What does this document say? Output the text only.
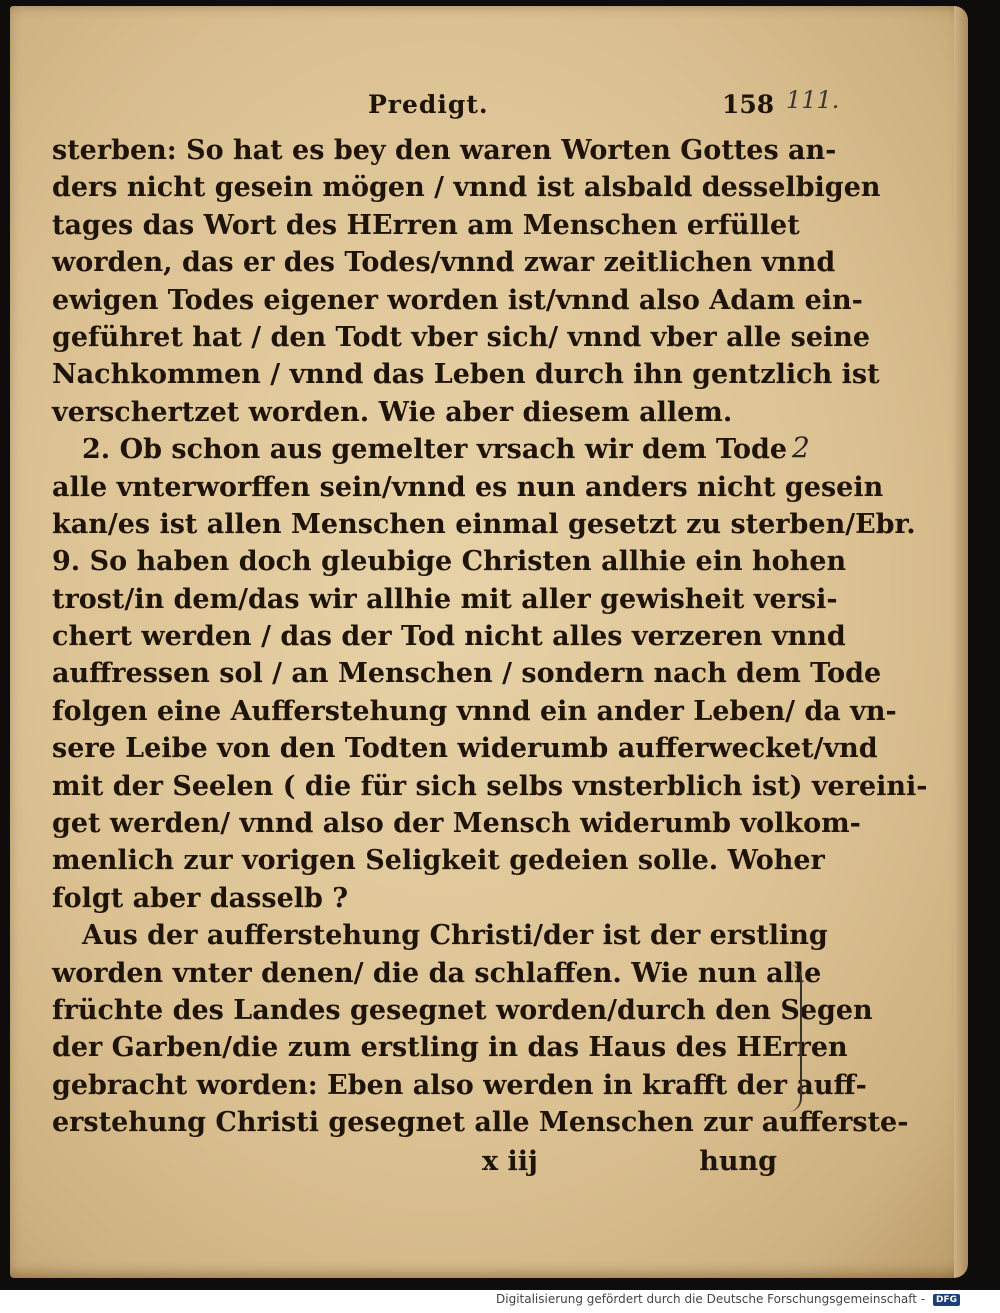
Predigt.	158 111.
sterben: So hat es bey den waren Worten Gottes an-
ders nicht gesein mögen / vnnd ist alsbald desselbigen
tages das Wort des HErren am Menschen erfüllet
worden, das er des Todes/vnnd zwar zeitlichen vnnd
ewigen Todes eigener worden ist/vnnd also Adam ein-
geführet hat / den Todt vber sich/ vnnd vber alle seine
Nachkommen / vnnd das Leben durch ihn gentzlich ist
verschertzet worden. Wie aber diesem allem.
2. Ob schon aus gemelter vrsach wir dem Tode
alle vnterworffen sein/vnnd es nun anders nicht gesein
kan/es ist allen Menschen einmal gesetzt zu sterben/Ebr.
9. So haben doch gleubige Christen allhie ein hohen
trost/in dem/das wir allhie mit aller gewisheit versi-
chert werden / das der Tod nicht alles verzeren vnnd
auffressen sol / an Menschen / sondern nach dem Tode
folgen eine Aufferstehung vnnd ein ander Leben/ da vn-
sere Leibe von den Todten widerumb aufferwecket/vnd
mit der Seelen ( die für sich selbs vnsterblich ist) vereini-
get werden/ vnnd also der Mensch widerumb volkom-
menlich zur vorigen Seligkeit gedeien solle. Woher
folgt aber dasselb ?
Aus der aufferstehung Christi/der ist der erstling
worden vnter denen/ die da schlaffen. Wie nun alle
früchte des Landes gesegnet worden/durch den Segen
der Garben/die zum erstling in das Haus des HErren
gebracht worden: Eben also werden in krafft der auff-
erstehung Christi gesegnet alle Menschen zur aufferste-
2
x iij	hung
Digitalisierung gefördert durch die Deutsche Forschungsgemeinschaft - DFG
